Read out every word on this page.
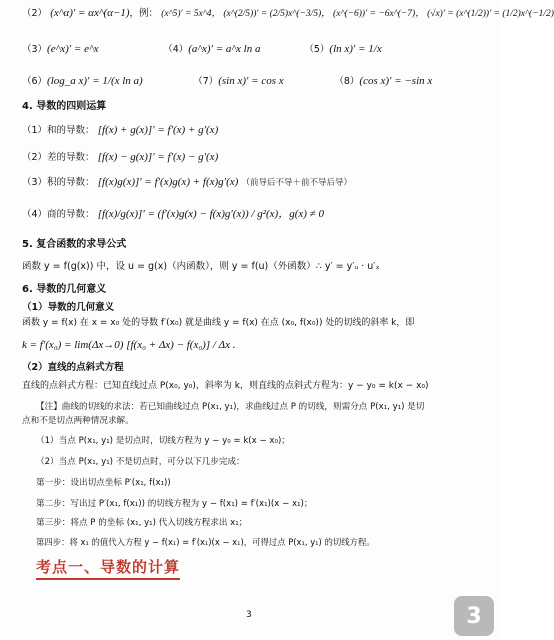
（2） (x^α)′ = αx^(α−1)，例： (x^5)′ = 5x^4， (x^(2/5))′ = (2/5)x^(−3/5)， (x^(−6))′ = −6x^(−7)， (√x)′ = (x^(1/2))′ = (1/2)x^(−1/2)
（3）(e^x)′ = e^x	（4）(a^x)′ = a^x ln a	（5）(ln x)′ = 1/x
（6）(log_a x)′ = 1/(x ln a)	（7）(sin x)′ = cos x	（8）(cos x)′ = −sin x
4. 导数的四则运算
（1）和的导数： [f(x) + g(x)]′ = f′(x) + g′(x)
（2）差的导数： [f(x) − g(x)]′ = f′(x) − g′(x)
（3）积的导数： [f(x)g(x)]′ = f′(x)g(x) + f(x)g′(x) （前导后不导＋前不导后导）
（4）商的导数： [f(x)/g(x)]′ = (f′(x)g(x) − f(x)g′(x)) / g²(x)，g(x) ≠ 0
5. 复合函数的求导公式
函数 y = f(g(x)) 中，设 u = g(x)（内函数），则 y = f(u)（外函数）∴ y′ = y′ᵤ · u′ₓ
6. 导数的几何意义
（1）导数的几何意义
函数 y = f(x) 在 x = x₀ 处的导数 f′(x₀) 就是曲线 y = f(x) 在点 (x₀, f(x₀)) 处的切线的斜率 k，即
k = f′(x₀) = lim(Δx→0) [f(x₀ + Δx) − f(x₀)] / Δx .
（2）直线的点斜式方程
直线的点斜式方程：已知直线过点 P(x₀, y₀)，斜率为 k，则直线的点斜式方程为：y − y₀ = k(x − x₀)
【注】曲线的切线的求法：若已知曲线过点 P(x₁, y₁)，求曲线过点 P 的切线，则需分点 P(x₁, y₁) 是切
点和不是切点两种情况求解。
（1）当点 P(x₁, y₁) 是切点时，切线方程为 y − y₀ = k(x − x₀)；
（2）当点 P(x₁, y₁) 不是切点时，可分以下几步完成：
第一步：设出切点坐标 P′(x₁, f(x₁))
第二步：写出过 P′(x₁, f(x₁)) 的切线方程为 y − f(x₁) = f′(x₁)(x − x₁)；
第三步：将点 P 的坐标 (x₁, y₁) 代入切线方程求出 x₁；
第四步：将 x₁ 的值代入方程 y − f(x₁) = f′(x₁)(x − x₁)，可得过点 P(x₁, y₁) 的切线方程。
考点一、导数的计算
3	3
